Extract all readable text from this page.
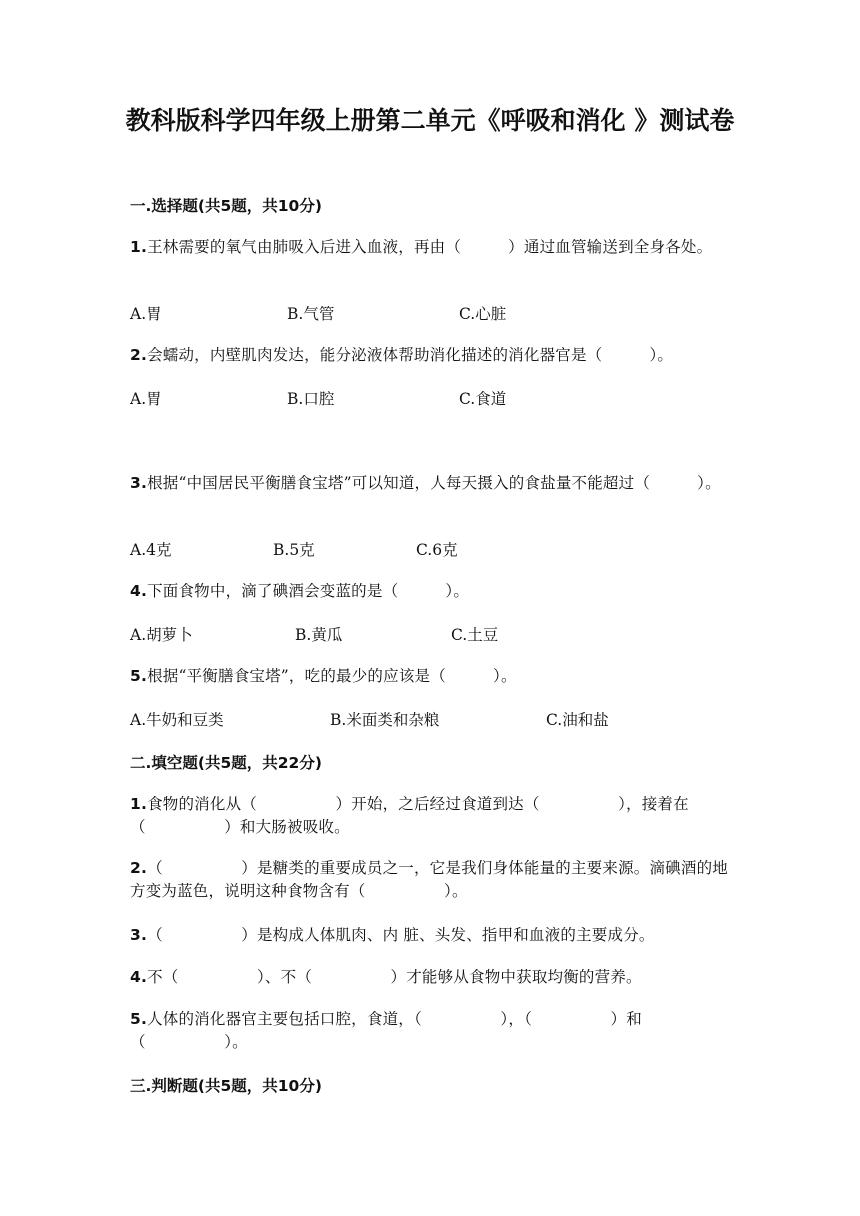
教科版科学四年级上册第二单元《呼吸和消化 》测试卷
一.选择题(共5题，共10分)
1.王林需要的氧气由肺吸入后进入血液，再由（　　　）通过血管输送到全身各处。
A.胃	B.气管	C.心脏
2.会蠕动，内壁肌肉发达，能分泌液体帮助消化描述的消化器官是（　　　）。
A.胃	B.口腔	C.食道
3.根据“中国居民平衡膳食宝塔”可以知道，人每天摄入的食盐量不能超过（　　　）。
A.4克	B.5克	C.6克
4.下面食物中，滴了碘酒会变蓝的是（　　　）。
A.胡萝卜	B.黄瓜	C.土豆
5.根据“平衡膳食宝塔”，吃的最少的应该是（　　　）。
A.牛奶和豆类	B.米面类和杂粮	C.油和盐
二.填空题(共5题，共22分)
1.食物的消化从（　　　　　）开始，之后经过食道到达（　　　　　），接着在（　　　　　）和大肠被吸收。
2.（　　　　　）是糖类的重要成员之一，它是我们身体能量的主要来源。滴碘酒的地方变为蓝色，说明这种食物含有（　　　　　）。
3.（　　　　　）是构成人体肌肉、内 脏、头发、指甲和血液的主要成分。
4.不（　　　　　）、不（　　　　　）才能够从食物中获取均衡的营养。
5.人体的消化器官主要包括口腔，食道，（　　　　　），（　　　　　）和（　　　　　）。
三.判断题(共5题，共10分)
